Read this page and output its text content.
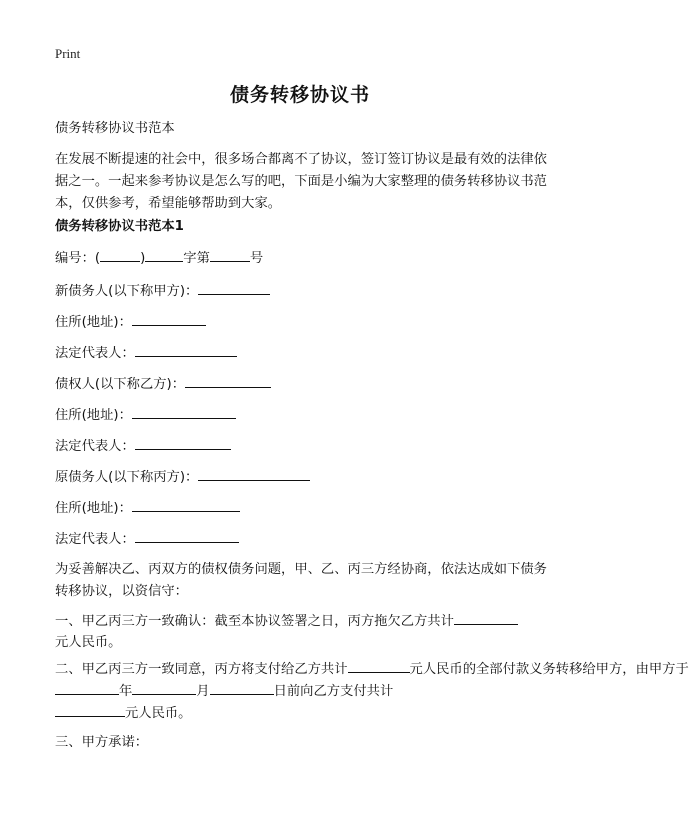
Print
债务转移协议书
债务转移协议书范本
在发展不断提速的社会中，很多场合都离不了协议，签订签订协议是最有效的法律依据之一。一起来参考协议是怎么写的吧，下面是小编为大家整理的债务转移协议书范本，仅供参考，希望能够帮助到大家。
债务转移协议书范本1
编号：(	)	字第	号
新债务人(以下称甲方)：
住所(地址)：
法定代表人：
债权人(以下称乙方)：
住所(地址)：
法定代表人：
原债务人(以下称丙方)：
住所(地址)：
法定代表人：
为妥善解决乙、丙双方的债权债务问题，甲、乙、丙三方经协商，依法达成如下债务转移协议，以资信守：
一、甲乙丙三方一致确认：截至本协议签署之日，丙方拖欠乙方共计
元人民币。
二、甲乙丙三方一致同意，丙方将支付给乙方共计	元人民币的全部付款义务转移给甲方，由甲方于
年	月	日前向乙方支付共计
元人民币。
三、甲方承诺：
